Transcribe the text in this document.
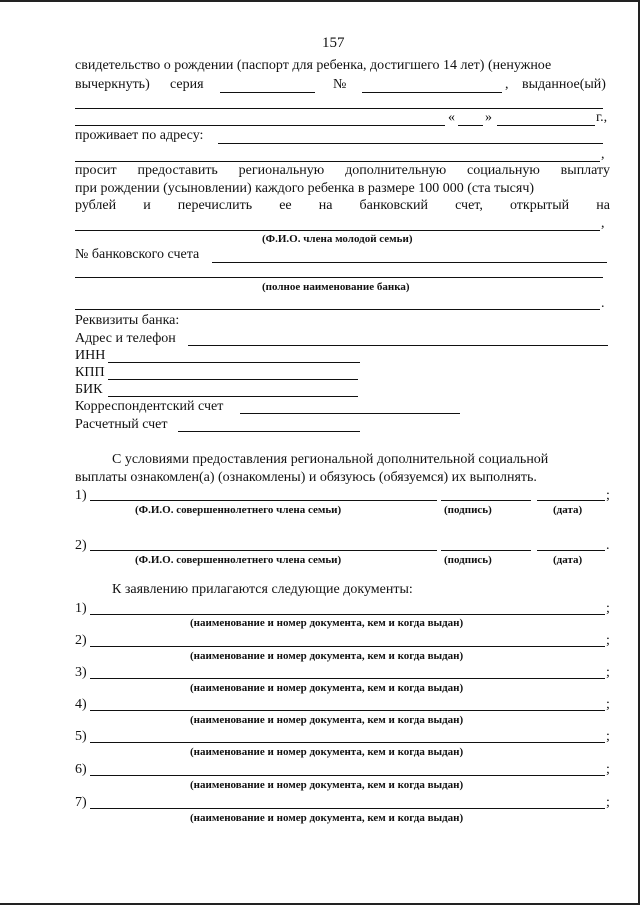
157
свидетельство о рождении (паспорт для ребенка, достигшего 14 лет) (ненужное
вычеркнуть) серия	№	, выданное(ый)
« »	г.,
проживает по адресу:
,
просит предоставить региональную дополнительную социальную выплату
при рождении (усыновлении) каждого ребенка в размере 100 000 (ста тысяч)
рублей и перечислить ее на банковский счет, открытый на
,
(Ф.И.О. члена молодой семьи)
№ банковского счета
(полное наименование банка)
.
Реквизиты банка:
Адрес и телефон
ИНН
КПП
БИК
Корреспондентский счет
Расчетный счет
С условиями предоставления региональной дополнительной социальной
выплаты ознакомлен(а) (ознакомлены) и обязуюсь (обязуемся) их выполнять.
1)	;
(Ф.И.О. совершеннолетнего члена семьи)	(подпись)	(дата)
2)	.
(Ф.И.О. совершеннолетнего члена семьи)	(подпись)	(дата)
К заявлению прилагаются следующие документы:
1)	;
(наименование и номер документа, кем и когда выдан)
2)	;
(наименование и номер документа, кем и когда выдан)
3)	;
(наименование и номер документа, кем и когда выдан)
4)	;
(наименование и номер документа, кем и когда выдан)
5)	;
(наименование и номер документа, кем и когда выдан)
6)	;
(наименование и номер документа, кем и когда выдан)
7)	;
(наименование и номер документа, кем и когда выдан)
